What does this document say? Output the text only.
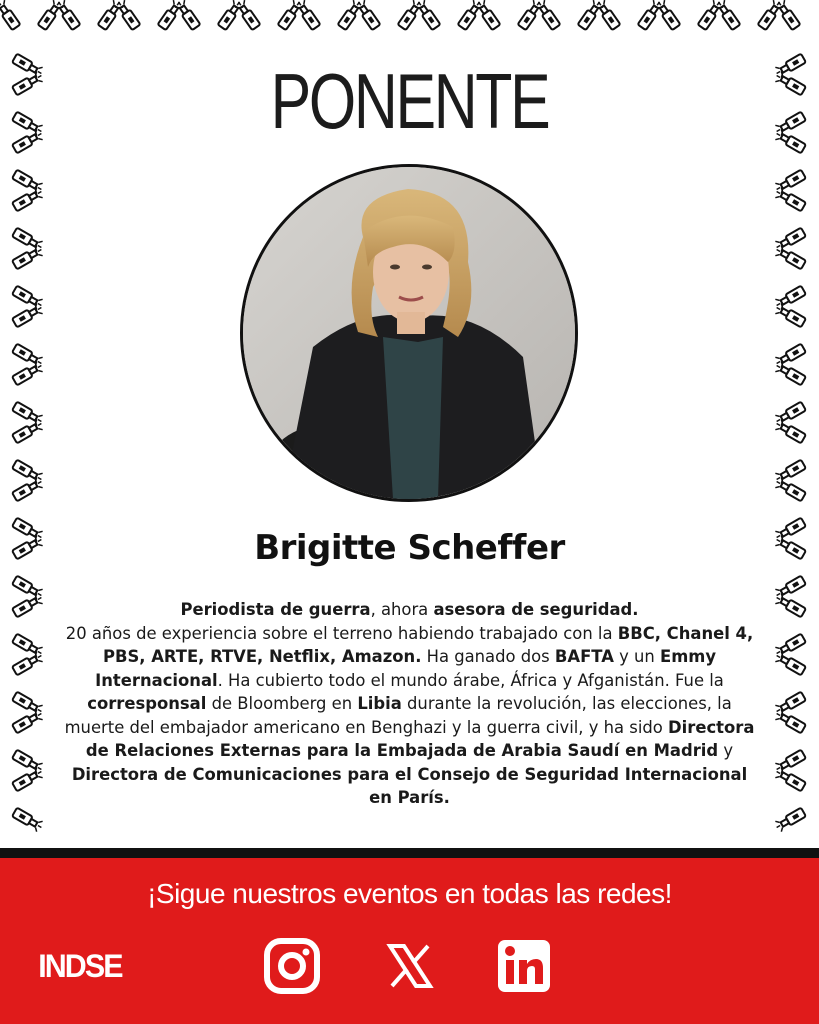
PONENTE
Brigitte Scheffer
Periodista de guerra, ahora asesora de seguridad.
20 años de experiencia sobre el terreno habiendo trabajado con la BBC, Chanel 4, PBS, ARTE, RTVE, Netflix, Amazon. Ha ganado dos BAFTA y un Emmy Internacional. Ha cubierto todo el mundo árabe, África y Afganistán. Fue la corresponsal de Bloomberg en Libia durante la revolución, las elecciones, la muerte del embajador americano en Benghazi y la guerra civil, y ha sido Directora de Relaciones Externas para la Embajada de Arabia Saudí en Madrid y Directora de Comunicaciones para el Consejo de Seguridad Internacional en París.
¡Sigue nuestros eventos en todas las redes!
INDSE
